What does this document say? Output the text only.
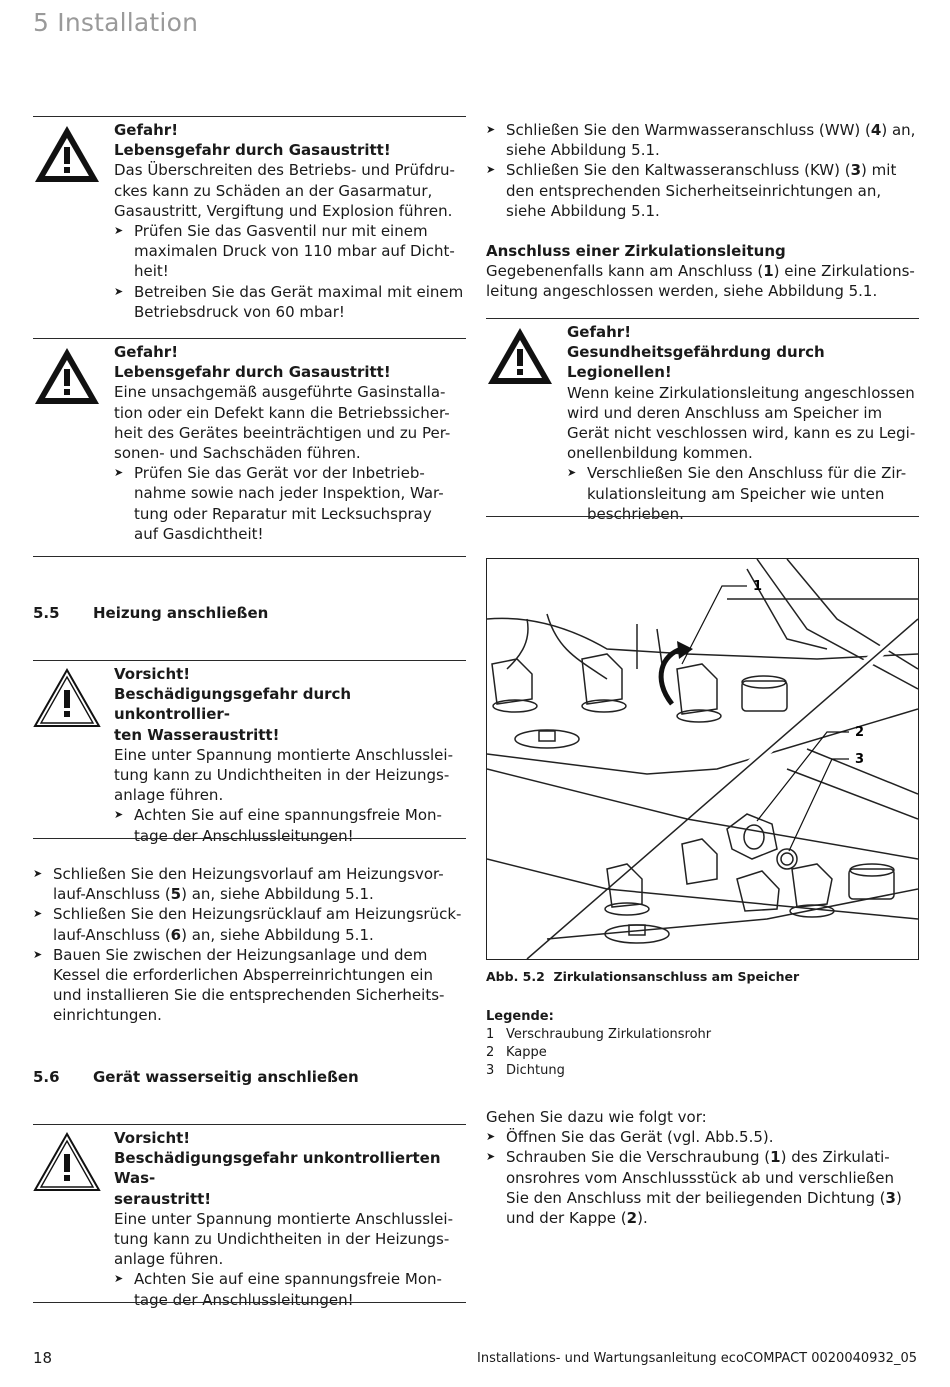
5 Installation
Gefahr!
Lebensgefahr durch Gasaustritt!
Das Überschreiten des Betriebs- und Prüfdru-
ckes kann zu Schäden an der Gasarmatur,
Gasaustritt, Vergiftung und Explosion führen.
➤ Prüfen Sie das Gasventil nur mit einem
maximalen Druck von 110 mbar auf Dicht-
heit!
➤ Betreiben Sie das Gerät maximal mit einem
Betriebsdruck von 60 mbar!
Gefahr!
Lebensgefahr durch Gasaustritt!
Eine unsachgemäß ausgeführte Gasinstalla-
tion oder ein Defekt kann die Betriebssicher-
heit des Gerätes beeinträchtigen und zu Per-
sonen- und Sachschäden führen.
➤ Prüfen Sie das Gerät vor der Inbetrieb-
nahme sowie nach jeder Inspektion, War-
tung oder Reparatur mit Lecksuchspray
auf Gasdichtheit!
5.5 Heizung anschließen
Vorsicht!
Beschädigungsgefahr durch unkontrollier-
ten Wasseraustritt!
Eine unter Spannung montierte Anschlusslei-
tung kann zu Undichtheiten in der Heizungs-
anlage führen.
➤ Achten Sie auf eine spannungsfreie Mon-
tage der Anschlussleitungen!
➤ Schließen Sie den Heizungsvorlauf am Heizungsvor-
lauf-Anschluss (5) an, siehe Abbildung 5.1.
➤ Schließen Sie den Heizungsrücklauf am Heizungsrück-
lauf-Anschluss (6) an, siehe Abbildung 5.1.
➤ Bauen Sie zwischen der Heizungsanlage und dem
Kessel die erforderlichen Absperreinrichtungen ein
und installieren Sie die entsprechenden Sicherheits-
einrichtungen.
5.6 Gerät wasserseitig anschließen
Vorsicht!
Beschädigungsgefahr unkontrollierten Was-
seraustritt!
Eine unter Spannung montierte Anschlusslei-
tung kann zu Undichtheiten in der Heizungs-
anlage führen.
➤ Achten Sie auf eine spannungsfreie Mon-
tage der Anschlussleitungen!
➤ Schließen Sie den Warmwasseranschluss (WW) (4) an,
siehe Abbildung 5.1.
➤ Schließen Sie den Kaltwasseranschluss (KW) (3) mit
den entsprechenden Sicherheitseinrichtungen an,
siehe Abbildung 5.1.
Anschluss einer Zirkulationsleitung
Gegebenenfalls kann am Anschluss (1) eine Zirkulations-
leitung angeschlossen werden, siehe Abbildung 5.1.
Gefahr!
Gesundheitsgefährdung durch Legionellen!
Wenn keine Zirkulationsleitung angeschlossen
wird und deren Anschluss am Speicher im
Gerät nicht veschlossen wird, kann es zu Legi-
onellenbildung kommen.
➤ Verschließen Sie den Anschluss für die Zir-
kulationsleitung am Speicher wie unten
beschrieben.
1
2
3
Abb. 5.2 Zirkulationsanschluss am Speicher
Legende:
1 Verschraubung Zirkulationsrohr
2 Kappe
3 Dichtung
Gehen Sie dazu wie folgt vor:
➤ Öffnen Sie das Gerät (vgl. Abb.5.5).
➤ Schrauben Sie die Verschraubung (1) des Zirkulati-
onsrohres vom Anschlussstück ab und verschließen
Sie den Anschluss mit der beiliegenden Dichtung (3)
und der Kappe (2).
18	Installations- und Wartungsanleitung ecoCOMPACT 0020040932_05
